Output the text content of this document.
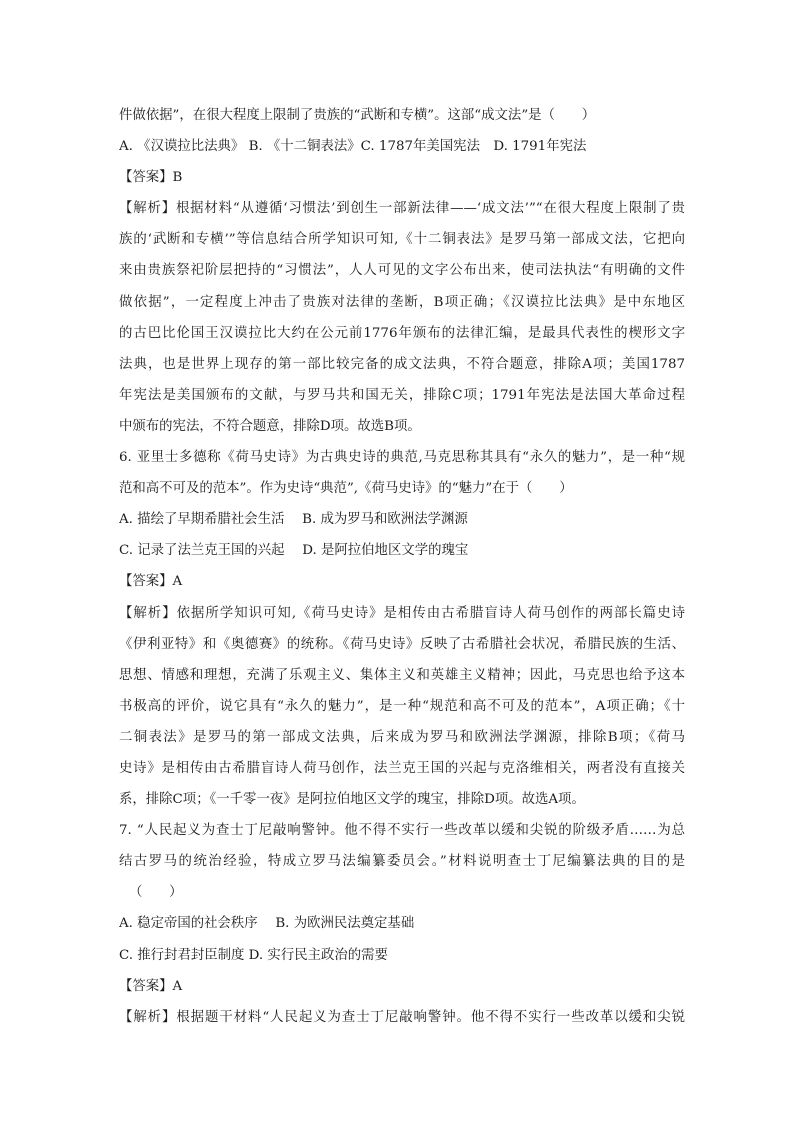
件做依据”，在很大程度上限制了贵族的“武断和专横”。这部“成文法”是（　　）
A. 《汉谟拉比法典》 B. 《十二铜表法》C. 1787年美国宪法　D. 1791年宪法
【答案】B
【解析】根据材料“从遵循‘习惯法’到创生一部新法律——‘成文法’”“在很大程度上限制了贵
族的‘武断和专横’”等信息结合所学知识可知,《十二铜表法》是罗马第一部成文法，它把向
来由贵族祭祀阶层把持的“习惯法”，人人可见的文字公布出来，使司法执法“有明确的文件
做依据”，一定程度上冲击了贵族对法律的垄断，B项正确；《汉谟拉比法典》是中东地区
的古巴比伦国王汉谟拉比大约在公元前1776年颁布的法律汇编，是最具代表性的楔形文字
法典，也是世界上现存的第一部比较完备的成文法典，不符合题意，排除A项；美国1787
年宪法是美国颁布的文献，与罗马共和国无关，排除C项；1791年宪法是法国大革命过程
中颁布的宪法，不符合题意，排除D项。故选B项。
6. 亚里士多德称《荷马史诗》为古典史诗的典范,马克思称其具有“永久的魅力”，是一种“规
范和高不可及的范本”。作为史诗“典范”,《荷马史诗》的“魅力”在于（　　）
A. 描绘了早期希腊社会生活　 B. 成为罗马和欧洲法学渊源
C. 记录了法兰克王国的兴起　 D. 是阿拉伯地区文学的瑰宝
【答案】A
【解析】依据所学知识可知,《荷马史诗》是相传由古希腊盲诗人荷马创作的两部长篇史诗
《伊利亚特》和《奥德赛》的统称。《荷马史诗》反映了古希腊社会状况，希腊民族的生活、
思想、情感和理想，充满了乐观主义、集体主义和英雄主义精神；因此，马克思也给予这本
书极高的评价，说它具有“永久的魅力”，是一种“规范和高不可及的范本”，A项正确；《十
二铜表法》是罗马的第一部成文法典，后来成为罗马和欧洲法学渊源，排除B项；《荷马
史诗》是相传由古希腊盲诗人荷马创作，法兰克王国的兴起与克洛维相关，两者没有直接关
系，排除C项；《一千零一夜》是阿拉伯地区文学的瑰宝，排除D项。故选A项。
7. “人民起义为查士丁尼敲响警钟。他不得不实行一些改革以缓和尖锐的阶级矛盾……为总
结古罗马的统治经验，特成立罗马法编纂委员会。”材料说明查士丁尼编纂法典的目的是
（　　）
A. 稳定帝国的社会秩序　 B. 为欧洲民法奠定基础
C. 推行封君封臣制度 D. 实行民主政治的需要
【答案】A
【解析】根据题干材料“人民起义为查士丁尼敲响警钟。他不得不实行一些改革以缓和尖锐
